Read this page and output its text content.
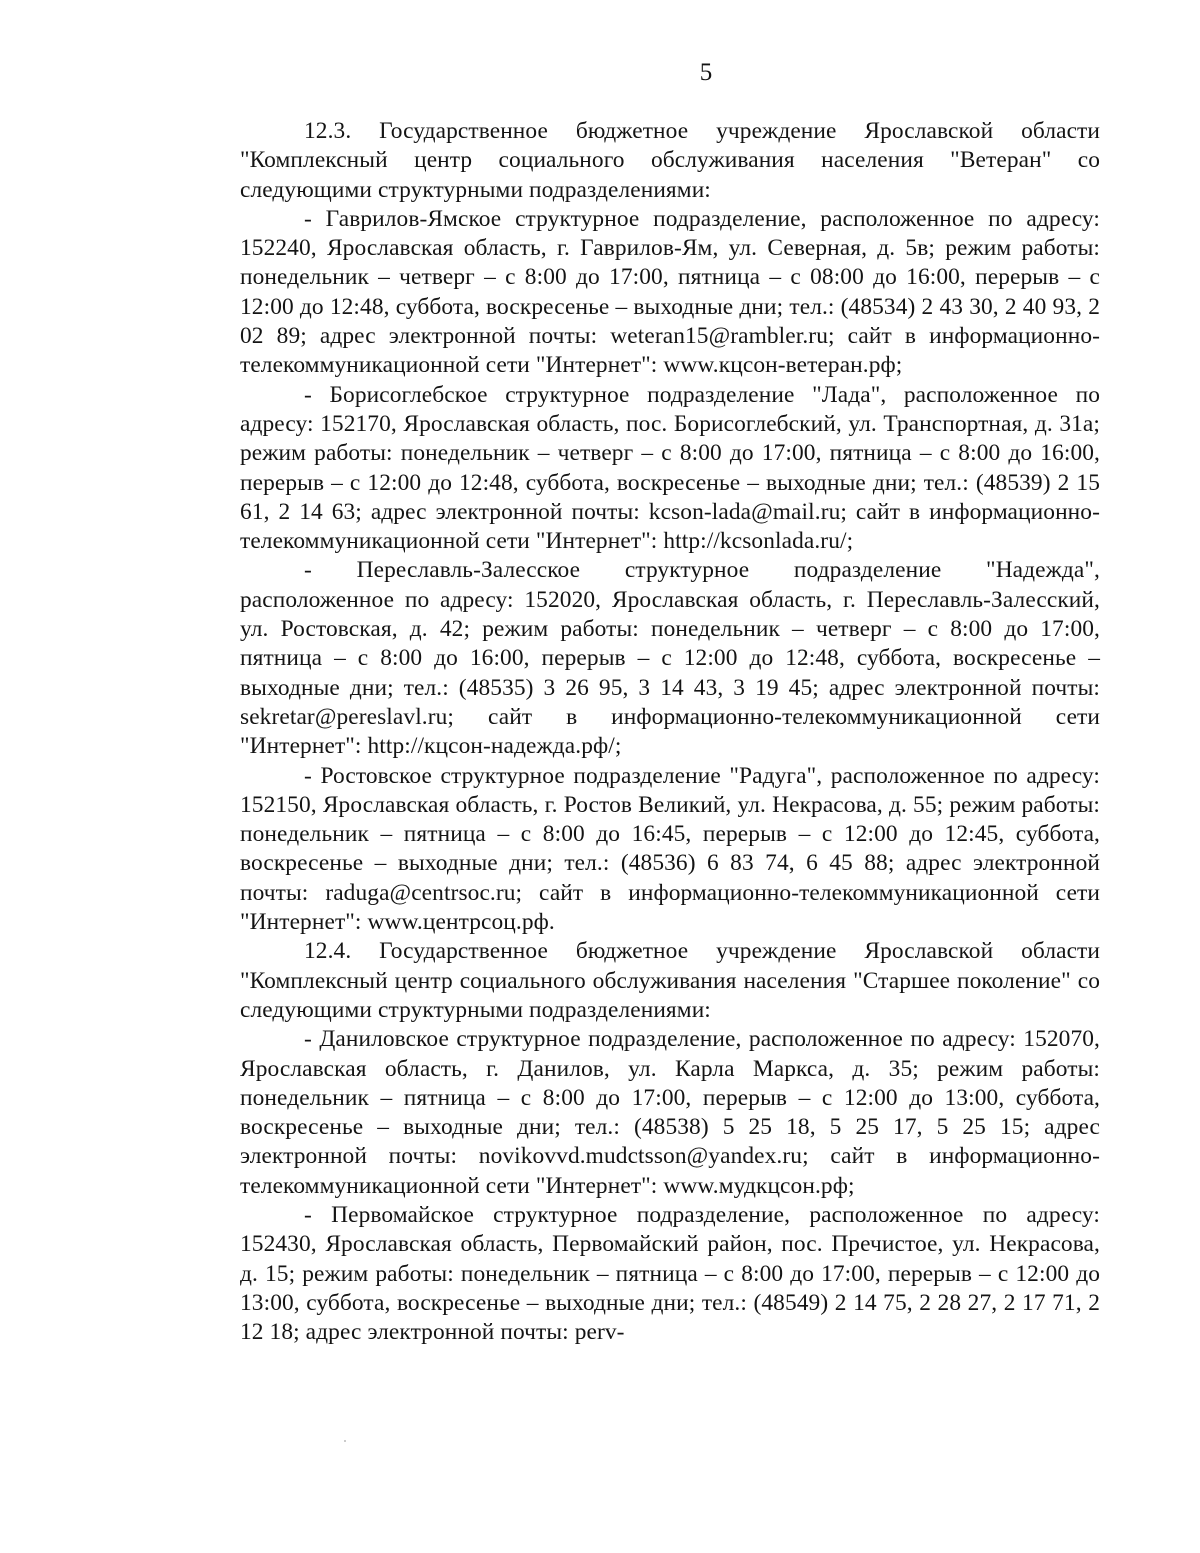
5

12.3. Государственное бюджетное учреждение Ярославской области "Комплексный центр социального обслуживания населения "Ветеран" со следующими структурными подразделениями:

- Гаврилов-Ямское структурное подразделение, расположенное по адресу: 152240, Ярославская область, г. Гаврилов-Ям, ул. Северная, д. 5в; режим работы: понедельник – четверг – с 8:00 до 17:00, пятница – с 08:00 до 16:00, перерыв – с 12:00 до 12:48, суббота, воскресенье – выходные дни; тел.: (48534) 2 43 30, 2 40 93, 2 02 89; адрес электронной почты: weteran15@rambler.ru; сайт в информационно-телекоммуникационной сети "Интернет": www.кцсон-ветеран.рф;

- Борисоглебское структурное подразделение "Лада", расположенное по адресу: 152170, Ярославская область, пос. Борисоглебский, ул. Транспортная, д. 31а; режим работы: понедельник – четверг – с 8:00 до 17:00, пятница – с 8:00 до 16:00, перерыв – с 12:00 до 12:48, суббота, воскресенье – выходные дни; тел.: (48539) 2 15 61, 2 14 63; адрес электронной почты: kcson-lada@mail.ru; сайт в информационно-телекоммуникационной сети "Интернет": http://kcsonlada.ru/;

- Переславль-Залесское структурное подразделение "Надежда", расположенное по адресу: 152020, Ярославская область, г. Переславль-Залесский, ул. Ростовская, д. 42; режим работы: понедельник – четверг – с 8:00 до 17:00, пятница – с 8:00 до 16:00, перерыв – с 12:00 до 12:48, суббота, воскресенье – выходные дни; тел.: (48535) 3 26 95, 3 14 43, 3 19 45; адрес электронной почты: sekretar@pereslavl.ru; сайт в информационно-телекоммуникационной сети "Интернет": http://кцсон-надежда.рф/;

- Ростовское структурное подразделение "Радуга", расположенное по адресу: 152150, Ярославская область, г. Ростов Великий, ул. Некрасова, д. 55; режим работы: понедельник – пятница – с 8:00 до 16:45, перерыв – с 12:00 до 12:45, суббота, воскресенье – выходные дни; тел.: (48536) 6 83 74, 6 45 88; адрес электронной почты: raduga@centrsoc.ru; сайт в информационно-телекоммуникационной сети "Интернет": www.центрсоц.рф.

12.4. Государственное бюджетное учреждение Ярославской области "Комплексный центр социального обслуживания населения "Старшее поколение" со следующими структурными подразделениями:

- Даниловское структурное подразделение, расположенное по адресу: 152070, Ярославская область, г. Данилов, ул. Карла Маркса, д. 35; режим работы: понедельник – пятница – с 8:00 до 17:00, перерыв – с 12:00 до 13:00, суббота, воскресенье – выходные дни; тел.: (48538) 5 25 18, 5 25 17, 5 25 15; адрес электронной почты: novikovvd.mudctsson@yandex.ru; сайт в информационно-телекоммуникационной сети "Интернет": www.мудкцсон.рф;

- Первомайское структурное подразделение, расположенное по адресу: 152430, Ярославская область, Первомайский район, пос. Пречистое, ул. Некрасова, д. 15; режим работы: понедельник – пятница – с 8:00 до 17:00, перерыв – с 12:00 до 13:00, суббота, воскресенье – выходные дни; тел.: (48549) 2 14 75, 2 28 27, 2 17 71, 2 12 18; адрес электронной почты: perv-
